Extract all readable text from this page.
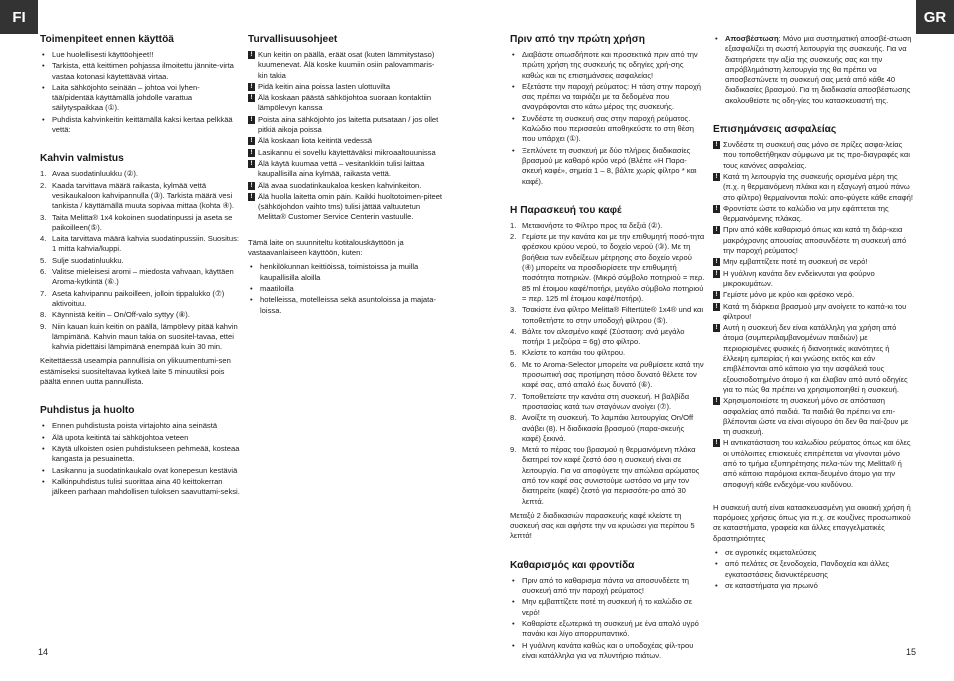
FI	GR
Toimenpiteet ennen käyttöä
• Lue huolellisesti käyttöohjeet!!
• Tarkista, että keittimen pohjassa ilmoitettu jännite-virta vastaa kotonasi käytettävää virtaa.
• Laita sähköjohto seinään – johtoa voi lyhen-tää/pidentää käyttämällä johdolle varattua säilytyspaikkaa (①).
• Puhdista kahvinkeitin keittämällä kaksi kertaa pelkkää vettä:
Kahvin valmistus
1. Avaa suodatinluukku (②).
2. Kaada tarvittava määrä raikasta, kylmää vettä vesikaukaloon kahvipannulla (③). Tarkista määrä vesi tankista / käyttämällä muuta sopivaa mittaa (kohta ④).
3. Taita Melitta® 1x4 kokoinen suodatinpussi ja aseta se paikoilleen(⑤).
4. Laita tarvittava määrä kahvia suodatinpussiin. Suositus: 1 mitta kahvia/kuppi.
5. Sulje suodatinluukku.
6. Valitse mieleisesi aromi – miedosta vahvaan, käyttäen Aroma-kytkintä (⑥.)
7. Aseta kahvipannu paikoilleen, jolloin tippalukko (⑦) aktivoituu.
8. Käynnistä keitin – On/Off-valo syttyy (⑧).
9. Niin kauan kuin keitin on päällä, lämpölevy pitää kahvin lämpimänä. Kahvin maun takia on suositel-tavaa, ettei kahvia pidettäisi lämpimänä enempää kuin 30 min.

Keitettäessä useampia pannullisia on ylikuumentumi-sen estämiseksi suositeltavaa kytkeä laite 5 minuutiksi pois päältä ennen uutta pannullista.

Puhdistus ja huolto
• Ennen puhdistusta poista virtajohto aina seinästä
• Älä upota keitintä tai sähköjohtoa veteen
• Käytä ulkoisten osien puhdistukseen pehmeää, kosteaa kangasta ja pesuainetta.
• Lasikannu ja suodatinkaukalo ovat konepesun kestäviä
• Kalkinpuhdistus tulisi suorittaa aina 40 keittokerran jälkeen parhaan mahdollisen tuloksen saavuttami-seksi.
Turvallisuusohjeet
! Kun keitin on päällä, eräät osat (kuten lämmitystaso) kuumenevat. Älä koske kuumiin osiin palovammaris-kin takia
! Pidä keitin aina poissa lasten ulottuvilta
! Älä koskaan päästä sähköjohtoa suoraan kontaktiin lämpölevyn kanssa
! Poista aina sähköjohto jos laitetta putsataan / jos ollet pitkiä aikoja poissa
! Älä koskaan liota keitintä vedessä
! Lasikannu ei sovellu käytettäväksi mikroaaltouunissa
! Älä käytä kuumaa vettä – vesitankkiin tulisi laittaa kaupallisilla aina kylmää, raikasta vettä.
! Älä avaa suodatinkaukaloa kesken kahvinkeiton.
! Älä huolla laitetta omin päin. Kaikki huoltotoimen-piteet (sähköjohdon vaihto tms) tulisi jättää valtuutetun Melitta® Customer Service Centerin vastuulle.

Tämä laite on suunniteltu kotitalouskäyttöön ja vastaavanlaiseen käyttöön, kuten:

• henkilökunnan keittiöissä, toimistoissa ja muilla kaupallisilla aloilla
• maatiloilla
• hotelleissa, motelleissa sekä asuntoloissa ja majata-loissa.
Πριν από την πρώτη χρήση
• Διαβάστε οπωσδήποτε και προσεκτικά πριν από την πρώτη χρήση της συσκευής τις οδηγίες χρή-σης καθώς και τις επισημάνσεις ασφαλείας!
• Εξετάστε την παροχή ρεύματος: Η τάση στην παροχή σας πρέπει να ταιριάζει με τα δεδομένα που αναγράφονται στο κάτω μέρος της συσκευής.
• Συνδέστε τη συσκευή σας στην παροχή ρεύματος. Καλώδιο που περισσεύει αποθηκεύστε το στη θέση που υπάρχει (①).
• Ξεπλύνετε τη συσκευή με δύο πλήρεις διαδικασίες βρασμού με καθαρό κρύο νερό (Βλέπε «Η Παρα-σκευή καφέ», σημεία 1 – 8, βάλτε χωρίς φίλτρο * και καφέ).
Η Παρασκευή του καφέ
1. Μετακινήστε το Φίλτρο προς τα δεξιά (②).
2. Γεμίστε με την κανάτα και με την επιθυμητή ποσό-τητα φρέσκου κρύου νερού, το δοχείο νερού (③). Με τη βοήθεια των ενδείξεων μέτρησης στο δοχείο νερού (④) μπορείτε να προσδιορίσετε την επιθυμητή ποσότητα ποτηριών. (Μικρό σύμβολο ποτηριού = περ. 85 ml έτοιμου καφέ/ποτήρι, μεγάλο σύμβολο ποτηριού = περ. 125 ml έτοιμου καφέ/ποτήρι).
3. Τσακίστε ένα φίλτρο Melitta® Filtertüte® 1x4® und και τοποθετήστε το στην υποδοχή φίλτρου (⑤).
4. Βάλτε τον αλεσμένο καφέ (Σύσταση: ανά μεγάλο ποτήρι 1 μεζούρα = 6g) στο φίλτρο.
5. Κλείστε το καπάκι του φίλτρου.
6. Με το Aroma-Selector μπορείτε να ρυθμίσετε κατά την προσωπική σας προτίμηση πόσο δυνατό θέλετε τον καφέ σας, από απαλό έως δυνατό (⑥).
7. Τοποθετείστε την κανάτα στη συσκευή. Η βαλβίδα προστασίας κατά των σταγόνων ανοίγει (⑦).
8. Ανοίξτε τη συσκευή. Το λαμπάκι λειτουργίας On/Off ανάβει (8). Η διαδικασία βρασμού (παρα-σκευής καφέ) ξεκινά.
9. Μετά το πέρας του βρασμού η θερμαινόμενη πλάκα διατηρεί τον καφέ ζεστό όσο η συσκευή είναι σε λειτουργία. Για να αποφύγετε την απώλεια αρώματος από τον καφέ σας συνιστούμε ωστόσο να μην τον διατηρείτε (καφέ) ζεστό για περισσότε-ρο από 30 λεπτά.

Μεταξύ 2 διαδικασιών παρασκευής καφέ κλείστε τη συσκευή σας και αφήστε την να κρυώσει για περίπου 5 λεπτά!

Καθαρισμός και φροντίδα
• Πριν από το καθαρισμα πάντα να αποσυνδέετε τη συσκευή από την παροχή ρεύματος!
• Μην εμβαπτίζετε ποτέ τη συσκευή ή το καλώδιο σε νερό!
• Καθαρίστε εξωτερικά τη συσκευή με ένα απαλό υγρό πανάκι και λίγο απορρυπαντικό.
• Η γυάλινη κανάτα καθώς και ο υποδοχέας φίλ-τρου είναι κατάλληλα για να πλυντήριο πιάτων.
• Αποσβέστωση: Μόνο μια συστηματική αποσβέ-στωση εξασφαλίζει τη σωστή λειτουργία της συσκευής. Για να διατηρήσετε την αξία της συσκευής σας και την απρόβλημάτιστη λειτουργία της θα πρέπει να αποσβεστώνετε τη συσκευή σας μετά από κάθε 40 διαδικασίες βρασμού. Για τη διαδικασία αποσβέστωσης ακολουθείστε τις οδη-γίες του κατασκευαστή της.
Επισημάνσεις ασφαλείας
! Συνδέστε τη συσκευή σας μόνο σε πρίζες ασφα-λείας που τοποθετήθηκαν σύμφωνα με τις προ-διαγραφές και τους κανόνες ασφαλείας.
! Κατά τη λειτουργία της συσκευής ορισμένα μέρη της (π.χ. η θερμαινόμενη πλάκα και η εξαγωγή ατμού πάνω στο φίλτρο) θερμαίνονται πολύ: απο-φύγετε κάθε επαφή!
! Φροντίστε ώστε το καλώδιο να μην εφάπτεται της θερμαινόμενης πλάκας.
! Πριν από κάθε καθαρισμό όπως και κατά τη διάρ-κεια μακρόχρονης απουσίας αποσυνδέστε τη συσκευή από την παροχή ρεύματος!
! Μην εμβαπτίζετε ποτέ τη συσκευή σε νερό!
! Η γυάλινη κανάτα δεν ενδείκνυται για φούρνο μικροκυμάτων.
! Γεμίστε μόνο με κρύο και φρέσκο νερό.
! Κατά τη διάρκεια βρασμού μην ανοίγετε το καπά-κι του φίλτρου!
! Αυτή η συσκευή δεν είναι κατάλληλη για χρήση από άτομα (συμπεριλαμβανομένων παιδιών) με περιορισμένες φυσικές ή διανοητικές ικανότητες ή έλλειψη εμπειρίας ή και γνώσης εκτός και εάν επιβλέπονται από κάποιο για την ασφάλειά τους εξουσιοδοτημένο άτομο ή και έλαβαν από αυτό οδηγίες για το πώς θα πρέπει να χρησιμοποιηθεί η συσκευή.
! Χρησιμοποιείστε τη συσκευή μόνο σε απόσταση ασφαλείας από παιδιά. Τα παιδιά θα πρέπει να επι-βλέπονται ώστε να είναι σίγουρο ότι δεν θα παί-ζουν με τη συσκευή.
! Η αντικατάσταση του καλωδίου ρεύματος όπως και όλες οι υπόλοιπες επισκευές επιτρέπεται να γίνονται μόνο από το τμήμα εξυπηρέτησης πελα-τών της Melitta® ή από κάποιο παρόμοια εκπαι-δευμένο άτομο για την αποφυγή κάθε ενδεχόμε-νου κινδύνου.

Η συσκευή αυτή είναι κατασκευασμένη για οικιακή χρήση ή παρόμοιες χρήσεις όπως για π.χ. σε κουζίνες προσωπικού σε καταστήματα, γραφεία και άλλες επαγγελματικές δραστηριότητες

• σε αγροτικές εκμεταλεύσεις
• από πελάτες σε ξενοδοχεία, Πανδοχεία και άλλες εγκαταστάσεις διανυκτέρευσης
• σε καταστήματα για πρωινό
14	15
